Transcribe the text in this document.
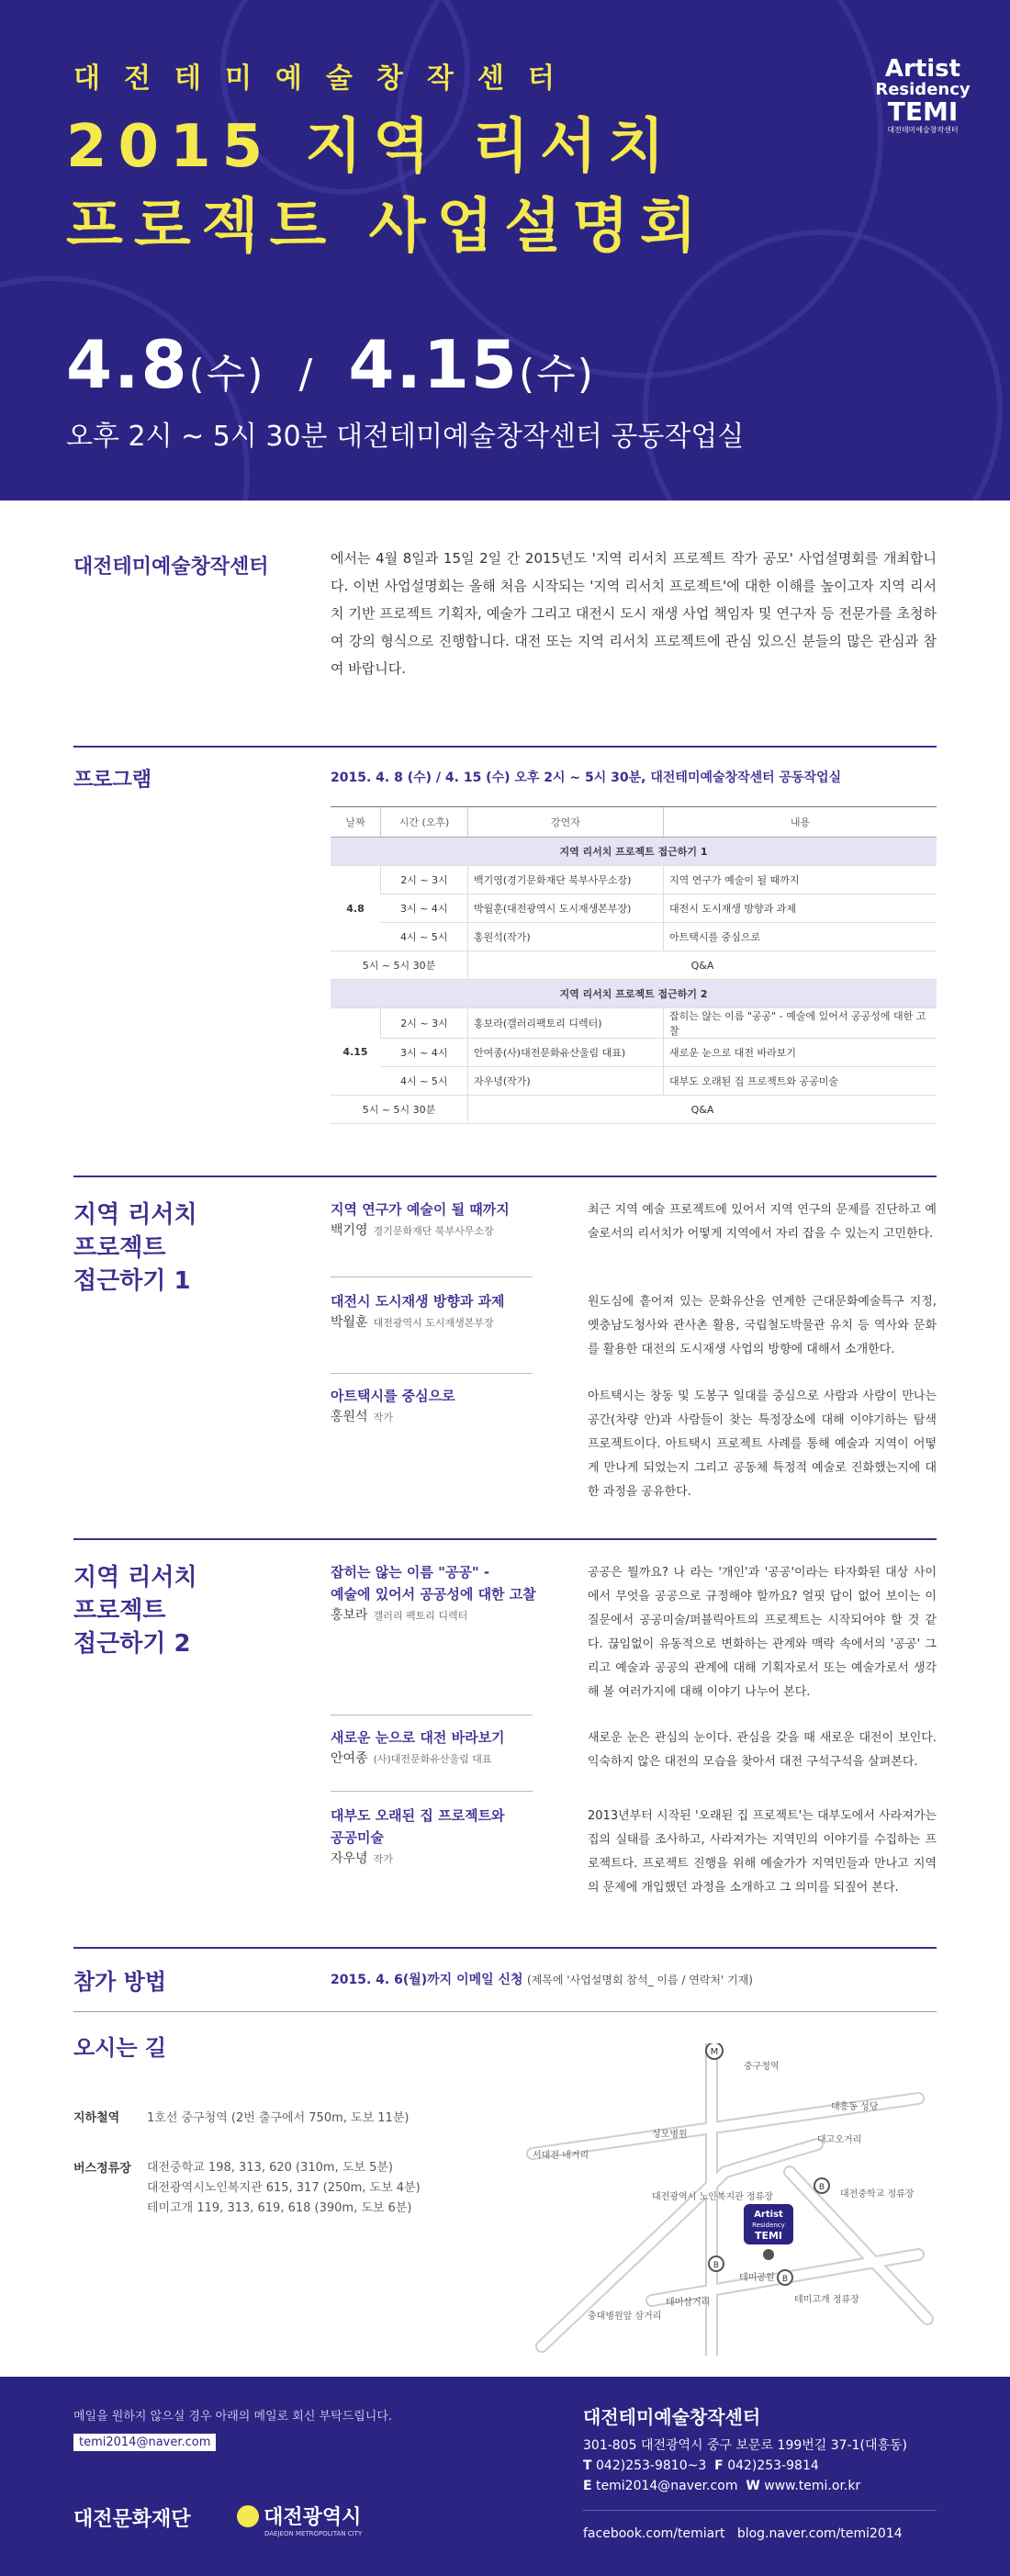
대전테미예술창작센터
2015 지역 리서치
프로젝트 사업설명회
4.8(수) / 4.15(수)
오후 2시 ~ 5시 30분 대전테미예술창작센터 공동작업실
Artist
Residency
TEMI
대전테미예술창작센터
대전테미예술창작센터	에서는 4월 8일과 15일 2일 간 2015년도 '지역 리서치 프로젝트 작가 공모' 사업설명회를 개최합니다. 이번 사업설명회는 올해 처음 시작되는 '지역 리서치 프로젝트'에 대한 이해를 높이고자 지역 리서치 기반 프로젝트 기획자, 예술가 그리고 대전시 도시 재생 사업 책임자 및 연구자 등 전문가를 초청하여 강의 형식으로 진행합니다. 대전 또는 지역 리서치 프로젝트에 관심 있으신 분들의 많은 관심과 참여 바랍니다.
프로그램	2015. 4. 8 (수) / 4. 15 (수) 오후 2시 ~ 5시 30분, 대전테미예술창작센터 공동작업실
날짜	시간 (오후)	강연자	내용
지역 리서치 프로젝트 접근하기 1			
4.8	2시 ~ 3시	백기영(경기문화재단 북부사무소장)	지역 연구가 예술이 될 때까지
	3시 ~ 4시	박월훈(대전광역시 도시재생본부장)	대전시 도시재생 방향과 과제
	4시 ~ 5시	홍원석(작가)	아트택시를 중심으로
5시 ~ 5시 30분		Q&A	
지역 리서치 프로젝트 접근하기 2			
4.15	2시 ~ 3시	홍보라(갤러리팩토리 디렉터)	잡히는 않는 이름 "공공" - 예술에 있어서 공공성에 대한 고찰
	3시 ~ 4시	안여종(사)대전문화유산울림 대표)	새로운 눈으로 대전 바라보기
	4시 ~ 5시	자우녕(작가)	대부도 오래된 집 프로젝트와 공공미술
5시 ~ 5시 30분		Q&A	
지역 리서치
프로젝트
접근하기 1
지역 연구가 예술이 될 때까지
백기영 경기문화재단 북부사무소장
최근 지역 예술 프로젝트에 있어서 지역 연구의 문제를 진단하고 예술로서의 리서치가 어떻게 지역에서 자리 잡을 수 있는지 고민한다.
대전시 도시재생 방향과 과제
박월훈 대전광역시 도시재생본부장
원도심에 흩어져 있는 문화유산을 연계한 근대문화예술특구 지정, 옛충남도청사와 관사촌 활용, 국립철도박물관 유치 등 역사와 문화를 활용한 대전의 도시재생 사업의 방향에 대해서 소개한다.
아트택시를 중심으로
홍원석 작가
아트택시는 창동 및 도봉구 일대를 중심으로 사람과 사람이 만나는 공간(차량 안)과 사람들이 찾는 특정장소에 대해 이야기하는 탐색 프로젝트이다. 아트택시 프로젝트 사례를 통해 예술과 지역이 어떻게 만나게 되었는지 그리고 공동체 특정적 예술로 진화했는지에 대한 과정을 공유한다.
지역 리서치
프로젝트
접근하기 2
잡히는 않는 이름 "공공" -
예술에 있어서 공공성에 대한 고찰
홍보라 갤러리 팩토리 디렉터
공공은 뭘까요? 나 라는 '개인'과 '공공'이라는 타자화된 대상 사이에서 무엇을 공공으로 규정해야 할까요? 얼핏 답이 없어 보이는 이 질문에서 공공미술/퍼블릭아트의 프로젝트는 시작되어야 할 것 같다. 끊임없이 유동적으로 변화하는 관계와 맥락 속에서의 '공공' 그리고 예술과 공공의 관계에 대해 기획자로서 또는 예술가로서 생각해 볼 여러가지에 대해 이야기 나누어 본다.
새로운 눈으로 대전 바라보기
안여종 (사)대전문화유산울림 대표
새로운 눈은 관심의 눈이다. 관심을 갖을 때 새로운 대전이 보인다. 익숙하지 않은 대전의 모습을 찾아서 대전 구석구석을 살펴본다.
대부도 오래된 집 프로젝트와
공공미술
자우녕 작가
2013년부터 시작된 '오래된 집 프로젝트'는 대부도에서 사라져가는 집의 실태를 조사하고, 사라져가는 지역민의 이야기를 수집하는 프로젝트다. 프로젝트 진행을 위해 예술가가 지역민들과 만나고 지역의 문제에 개입했던 과정을 소개하고 그 의미를 되짚어 본다.
참가 방법	2015. 4. 6(월)까지 이메일 신청 (제목에 '사업설명회 참석_ 이름 / 연락처' 기재)
오시는 길
지하철역 1호선 중구청역 (2번 출구에서 750m, 도보 11분)
버스정류장 대전중학교 198, 313, 620 (310m, 도보 5분)
대전광역시노인복지관 615, 317 (250m, 도보 4분)
테미고개 119, 313, 619, 618 (390m, 도보 6분)
M
중구청역
성모병원
대흥동 성당
서대전 네거리
대고오거리
대전광역시 노인복지관 정류장	대전중학교 정류장
테미공원
테미삼거리	테미고개 정류장
충대병원앞 삼거리
B
B
B
Artist
Residency
TEMI
메일을 원하지 않으실 경우 아래의 메일로 회신 부탁드립니다.
temi2014@naver.com
대전문화재단	대전광역시
DAEJEON METROPOLITAN CITY
대전테미예술창작센터
301-805 대전광역시 중구 보문로 199번길 37-1(대흥동)
T 042)253-9810~3 F 042)253-9814
E temi2014@naver.com W www.temi.or.kr
facebook.com/temiart   blog.naver.com/temi2014
